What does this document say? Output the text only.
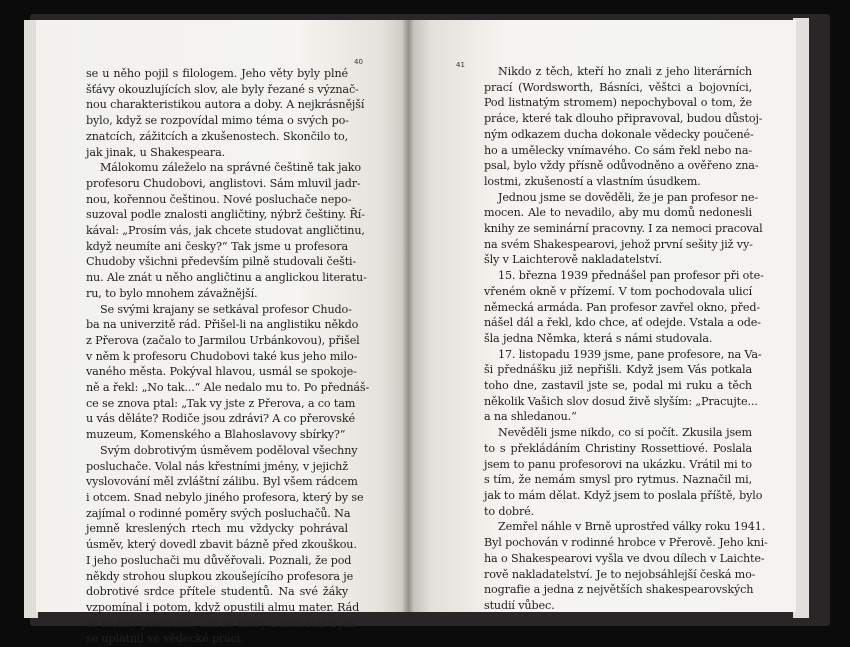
40
se u něho pojil s filologem. Jeho věty byly plné
šťávy okouzlujících slov, ale byly řezané s význač-
nou charakteristikou autora a doby. A nejkrásnější
bylo, když se rozpovídal mimo téma o svých po-
znatcích, zážitcích a zkušenostech. Skončilo to,
jak jinak, u Shakespeara.
Málokomu záleželo na správné češtině tak jako
profesoru Chudobovi, anglistovi. Sám mluvil jadr-
nou, kořennou češtinou. Nové posluchače nepo-
suzoval podle znalosti angličtiny, nýbrž češtiny. Ří-
kával: „Prosím vás, jak chcete studovat angličtinu,
když neumíte ani česky?“ Tak jsme u profesora
Chudoby všichni především pilně studovali češti-
nu. Ale znát u něho angličtinu a anglickou literatu-
ru, to bylo mnohem závažnější.
Se svými krajany se setkával profesor Chudo-
ba na univerzitě rád. Přišel-li na anglistiku někdo
z Přerova (začalo to Jarmilou Urbánkovou), přišel
v něm k profesoru Chudobovi také kus jeho milo-
vaného města. Pokýval hlavou, usmál se spokoje-
ně a řekl: „No tak...“ Ale nedalo mu to. Po přednáš-
ce se znova ptal: „Tak vy jste z Přerova, a co tam
u vás děláte? Rodiče jsou zdrávi? A co přerovské
muzeum, Komenského a Blahoslavovy sbírky?“
Svým dobrotivým úsměvem poděloval všechny
posluchače. Volal nás křestními jmény, v jejichž
vyslovování měl zvláštní zálibu. Byl všem rádcem
i otcem. Snad nebylo jiného profesora, který by se
zajímal o rodinné poměry svých posluchačů. Na
jemně kreslených rtech mu vždycky pohrával
úsměv, který dovedl zbavit bázně před zkouškou.
I jeho posluchači mu důvěřovali. Poznali, že pod
někdy strohou slupkou zkoušejícího profesora je
dobrotivé srdce přítele studentů. Na své žáky
vzpomínal i potom, když opustili almu mater. Rád
se leckdy pochlubil, čím se který z nich stal a jak
se uplatnil ve vědecké práci.
41	Nikdo z těch, kteří ho znali z jeho literárních
prací (Wordsworth, Básníci, věštci a bojovníci,
Pod listnatým stromem) nepochyboval o tom, že
práce, které tak dlouho připravoval, budou důstoj-
ným odkazem ducha dokonale vědecky poučené-
ho a umělecky vnímavého. Co sám řekl nebo na-
psal, bylo vždy přísně odůvodněno a ověřeno zna-
lostmi, zkušeností a vlastním úsudkem.
Jednou jsme se dověděli, že je pan profesor ne-
mocen. Ale to nevadilo, aby mu domů nedonesli
knihy ze seminární pracovny. I za nemoci pracoval
na svém Shakespearovi, jehož první sešity již vy-
šly v Laichterově nakladatelství.
15. března 1939 přednášel pan profesor při ote-
vřeném okně v přízemí. V tom pochodovala ulicí
německá armáda. Pan profesor zavřel okno, před-
nášel dál a řekl, kdo chce, ať odejde. Vstala a ode-
šla jedna Němka, která s námi studovala.
17. listopadu 1939 jsme, pane profesore, na Va-
ši přednášku již nepřišli. Když jsem Vás potkala
toho dne, zastavil jste se, podal mi ruku a těch
několik Vašich slov dosud živě slyším: „Pracujte...
a na shledanou.“
Nevěděli jsme nikdo, co si počít. Zkusila jsem
to s překládáním Christiny Rossettiové. Poslala
jsem to panu profesorovi na ukázku. Vrátil mi to
s tím, že nemám smysl pro rytmus. Naznačil mi,
jak to mám dělat. Když jsem to poslala příště, bylo
to dobré.
Zemřel náhle v Brně uprostřed války roku 1941.
Byl pochován v rodinné hrobce v Přerově. Jeho kni-
ha o Shakespearovi vyšla ve dvou dílech v Laichte-
rově nakladatelství. Je to nejobsáhlejší česká mo-
nografie a jedna z největších shakespearovských
studií vůbec.
